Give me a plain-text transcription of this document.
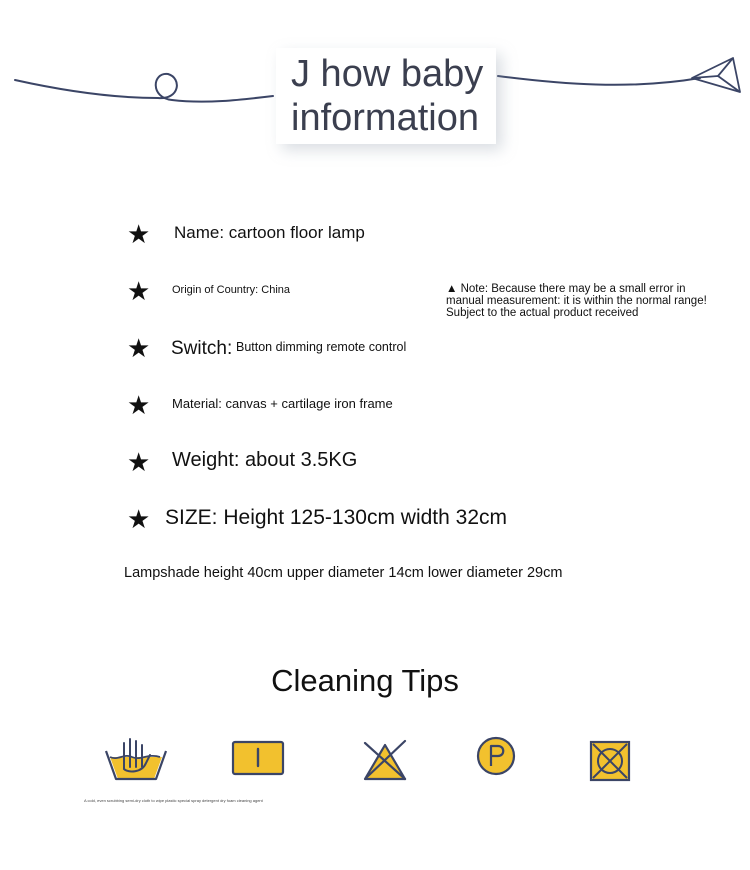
J how baby
information
★ Name: cartoon floor lamp
★ Origin of Country: China	▲ Note: Because there may be a small error in manual measurement: it is within the normal range! Subject to the actual product received
★ Switch: Button dimming remote control
★ Material: canvas + cartilage iron frame
★ Weight: about 3.5KG
★ SIZE: Height 125-130cm width 32cm
Lampshade height 40cm upper diameter 14cm lower diameter 29cm
Cleaning Tips
A cold, even scrubbing semi-dry cloth to wipe plastic special spray detergent dry foam cleaning agent
